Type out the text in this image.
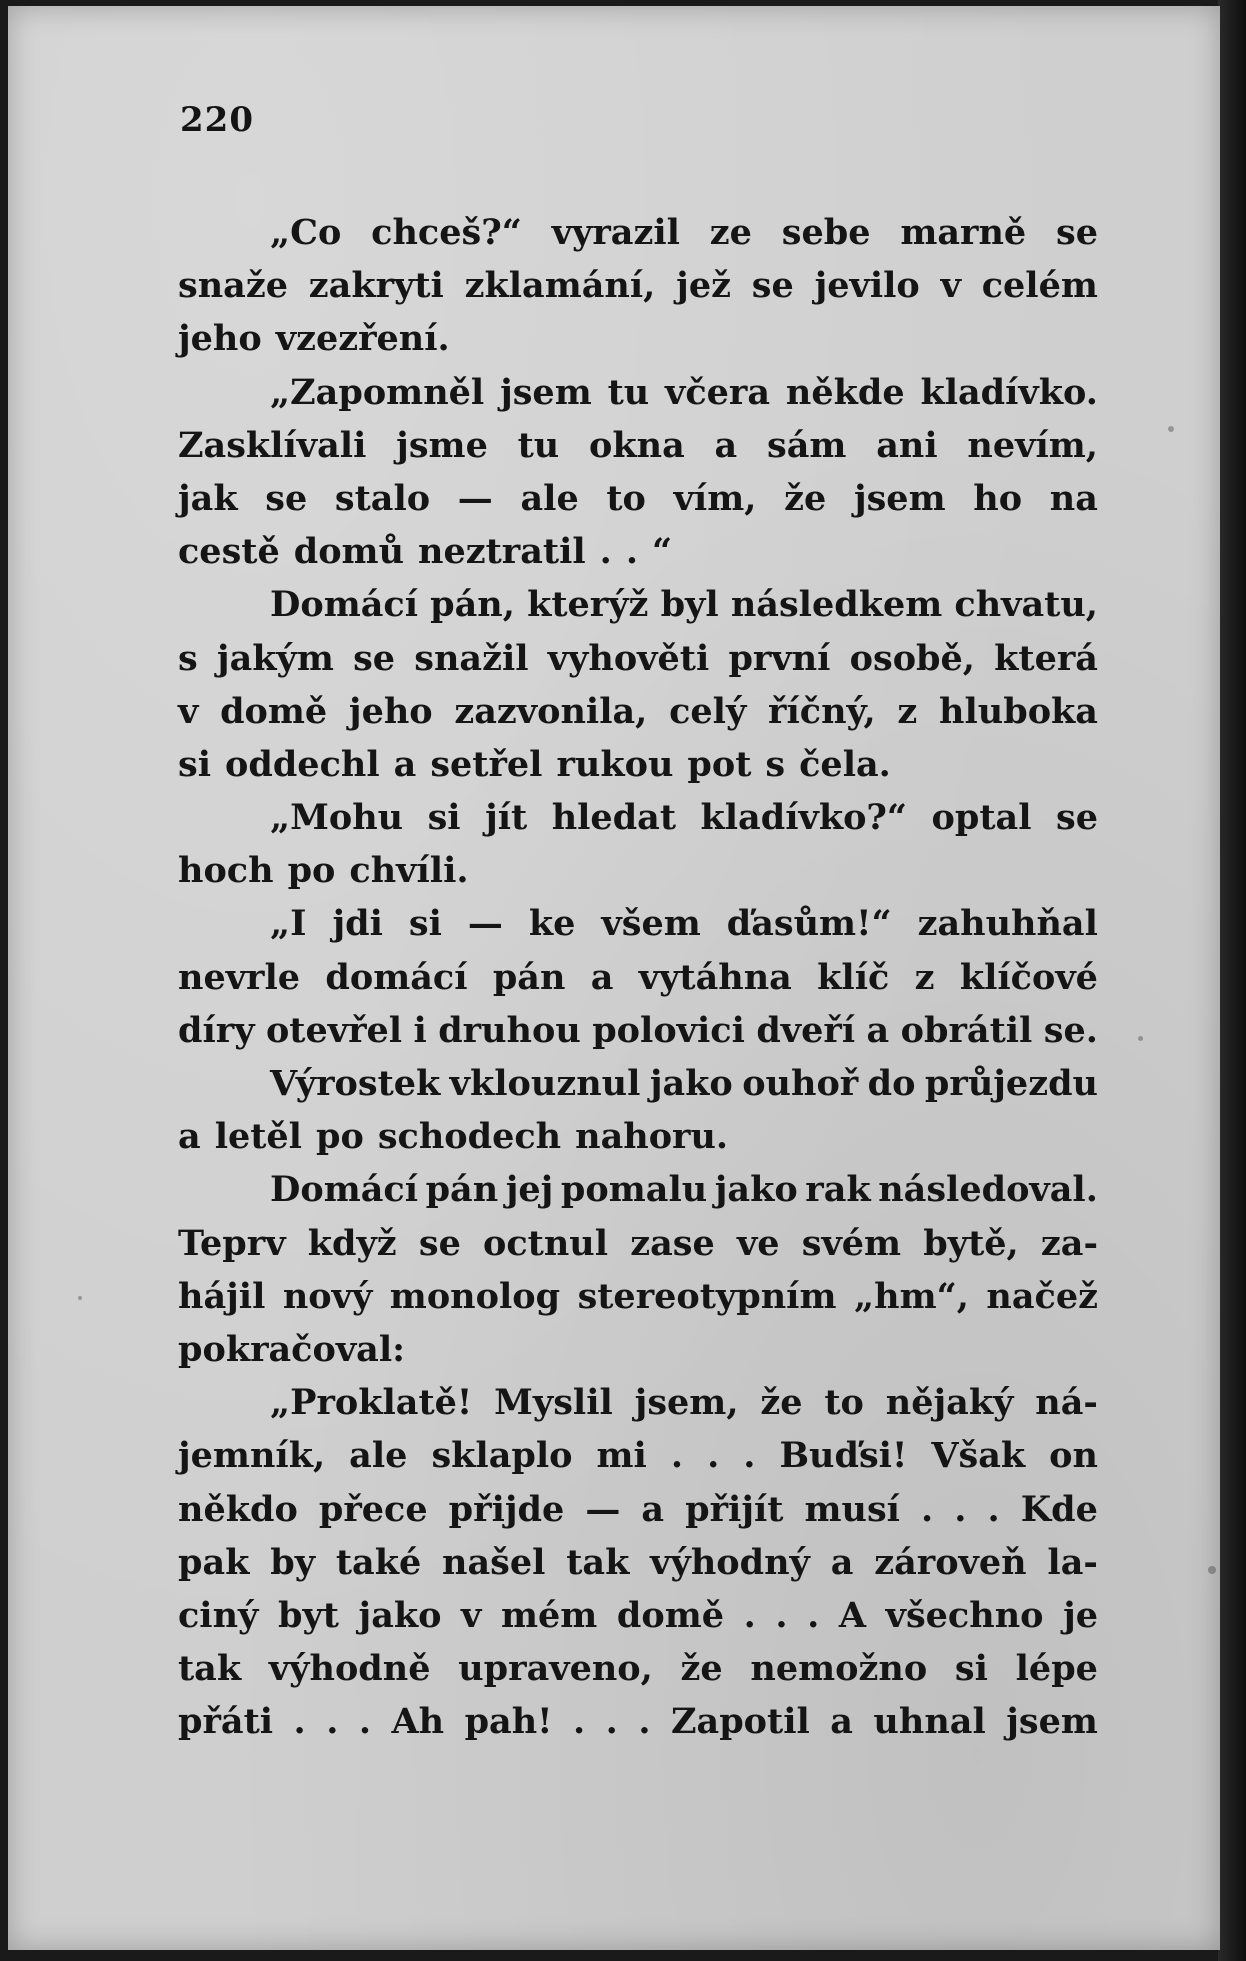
220
„Co chceš?“ vyrazil ze sebe marně se
snaže zakryti zklamání, jež se jevilo v celém
jeho vzezření.
„Zapomněl jsem tu včera někde kladívko.
Zasklívali jsme tu okna a sám ani nevím,
jak se stalo — ale to vím, že jsem ho na
cestě domů neztratil . . “
Domácí pán, kterýž byl následkem chvatu,
s jakým se snažil vyhověti první osobě, která
v domě jeho zazvonila, celý říčný, z hluboka
si oddechl a setřel rukou pot s čela.
„Mohu si jít hledat kladívko?“ optal se
hoch po chvíli.
„I jdi si — ke všem ďasům!“ zahuhňal
nevrle domácí pán a vytáhna klíč z klíčové
díry otevřel i druhou polovici dveří a obrátil se.
Výrostek vklouznul jako ouhoř do průjezdu
a letěl po schodech nahoru.
Domácí pán jej pomalu jako rak následoval.
Teprv když se octnul zase ve svém bytě, za-
hájil nový monolog stereotypním „hm“, načež
pokračoval:
„Proklatě! Myslil jsem, že to nějaký ná-
jemník, ale sklaplo mi . . . Buďsi! Však on
někdo přece přijde — a přijít musí . . . Kde
pak by také našel tak výhodný a zároveň la-
ciný byt jako v mém domě . . . A všechno je
tak výhodně upraveno, že nemožno si lépe
přáti . . . Ah pah! . . . Zapotil a uhnal jsem
